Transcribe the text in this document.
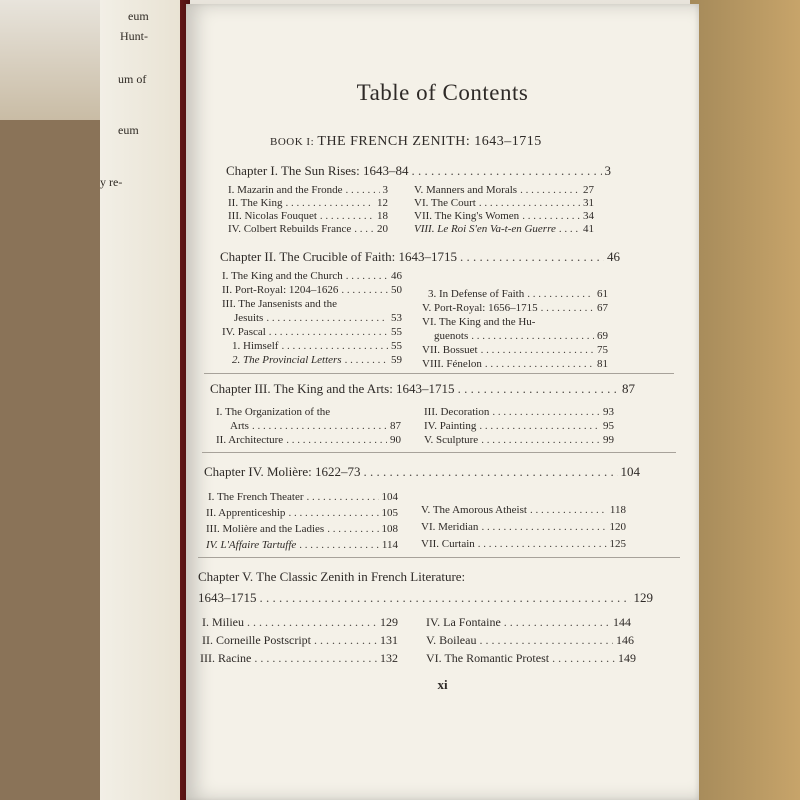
eum
Hunt-
um of
eum
y re-
Table of Contents
BOOK I: THE FRENCH ZENITH: 1643–1715
Chapter I. The Sun Rises: 1643–84 . . .	3
I. Mazarin and the Fronde . . .	3
II. The King . . .	12
III. Nicolas Fouquet . . .	18
IV. Colbert Rebuilds France . . . 20
V. Manners and Morals . . .	27
VI. The Court . . .	31
VII. The King's Women . . .	34
VIII. Le Roi S'en Va-t-en Guerre . . . 41
Chapter II. The Crucible of Faith: 1643–1715 . . .	46
I. The King and the Church . . .	46
II. Port-Royal: 1204–1626 . . .	50
III. The Jansenists and the
Jesuits . . .	53
IV. Pascal . . .	55
1. Himself . . .	55
2. The Provincial Letters . . .	59
3. In Defense of Faith . . .	61
V. Port-Royal: 1656–1715 . . .	67
VI. The King and the Hu-
guenots . . .	69
VII. Bossuet . . .	75
VIII. Fénelon . . .	81
Chapter III. The King and the Arts: 1643–1715 . . .	87
I. The Organization of the
Arts . . .	87
II. Architecture . . .	90
III. Decoration . . .	93
IV. Painting . . .	95
V. Sculpture . . .	99
Chapter IV. Molière: 1622–73 . . .	104
I. The French Theater . . .	104
II. Apprenticeship . . .	105
III. Molière and the Ladies . . .	108
IV. L'Affaire Tartuffe . . .	114
V. The Amorous Atheist . . .	118
VI. Meridian . . .	120
VII. Curtain . . .	125
Chapter V. The Classic Zenith in French Literature:
1643–1715 . . .	129
I. Milieu . . .	129
II. Corneille Postscript . . .	131
III. Racine . . .	132
IV. La Fontaine . . .	144
V. Boileau . . .	146
VI. The Romantic Protest . . .	149
xi
